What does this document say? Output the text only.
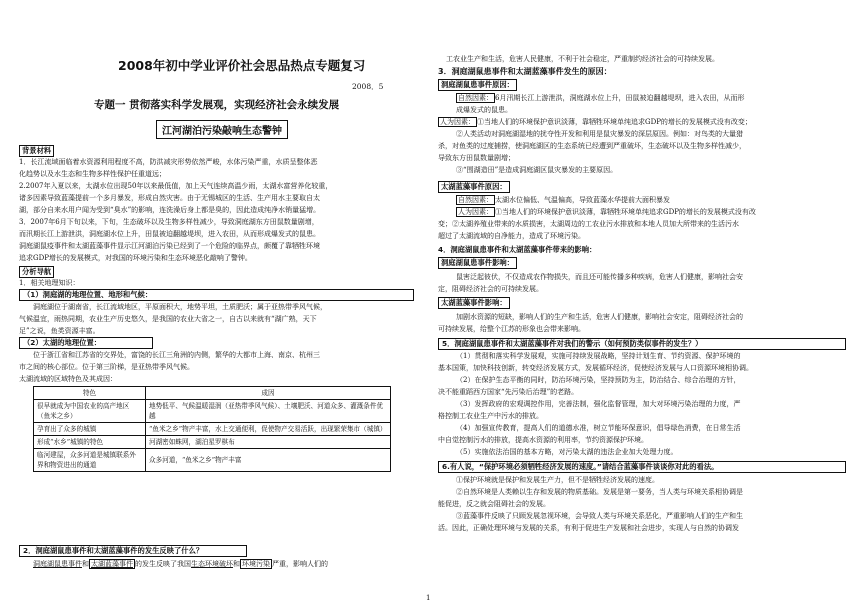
2008年初中学业评价社会思品热点专题复习
2008．5
专题一 贯彻落实科学发展观，实现经济社会永续发展
江河湖泊污染敲响生态警钟
背景材料
1．长江流域面临着水资源利用程度不高，防洪减灾形势依然严峻，水体污染严重，水质呈整体恶
化趋势以及水生态和生物多样性保护任重道远；
2.2007年入夏以来，太湖水位出现50年以来最低值，加上天气连续高温少雨，太湖水富营养化较重，
诸多因素导致蓝藻提前一个多月暴发，形成自然灾害。由于无锡城区的生活、生产用水主要取自太
湖，部分自来水用户闻为受到“臭水”的影响，连洗澡后身上都是臭的，因此造成纯净水销量猛增。
3．2007年6月下旬以来，下旬，生态破坏以及生物多样性减少，导致洞庭湖东方田鼠数量剧增，
而汛期长江上游泄洪，洞庭湖水位上升，田鼠被迫翻越堤坝，进入农田，从而形成爆发式的鼠患。
洞庭湖鼠疫事件和太湖蓝藻事件显示江河湖泊污染已经到了一个危险的临界点，颇覆了靠牺牲环境
追求GDP增长的发展模式，对我国的环境污染和生态环境恶化敲响了警钟。
分析导航
1．相关地理知识：
（1）洞庭湖的地理位置、地形和气候：
洞庭湖位于湖南省，长江流域地区，平原面积大，地势平坦，土质肥沃；属于亚热带季风气候，
气候温宜，雨热同期，农业生产历史悠久，是我国的农业大省之一，自古以来就有“湖广熟，天下
足”之说，鱼类资源丰富。
（2）太湖的地理位置：
位于浙江省和江苏省的交界处，富饶的长江三角洲的内侧，繁华的大都市上海、南京、杭州三
市之间的核心部位。位于第三阶梯，是亚热带季风气候。
太湖流域的区域特色及其成因：
特色	成因
很早就成为中国农业的高产地区（鱼米之乡）	地势低平、气候温暖湿润（亚热带季风气候）、土壤肥沃、河道众多、灌溉条件优越
孕育出了众多的城镇	“鱼米之乡”物产丰富，水上交通便利，促使物产交易活跃，出现繁荣集市（城镇）
形成“水乡”城镇的特色	河湖密如蛛网，湖泊星罗棋布
临河建屋，众多河道是城镇联系外界和物资进出的通道	众多河道，“鱼米之乡”物产丰富
2．洞庭湖鼠患事件和太湖蓝藻事件的发生反映了什么？
洞庭湖鼠患事件和 太湖蓝藻事件 的发生反映了我国生态环境破坏和 环境污染 严重，影响人们的
工农业生产和生活，危害人民健康，不利于社会稳定，严重制约经济社会的可持续发展。
3．洞庭湖鼠患事件和太湖蓝藻事件发生的原因：
洞庭湖鼠患事件原因：
自然因素： 6月汛期长江上游泄洪，洞庭湖水位上升，田鼠被迫翻越堤坝，进入农田，从而形
成爆发式的鼠患。
人为因素： ①当地人们的环境保护意识淡薄，靠牺牲环境单纯追求GDP的增长的发展模式没有改变；
②人类活动对洞庭湖湿地的扰夺性开发和利用是鼠灾暴发的深层原因。例如：对鸟类的大量猎
杀，对鱼类的过度捕捞，使洞庭湖区的生态系统已经遭到严重破坏，生态破坏以及生物多样性减少，
导致东方田鼠数量剧增；
③“围湖造田”是造成洞庭湖区鼠灾暴发的主要原因。
太湖蓝藻事件原因：
自然因素： 太湖水位偏低、气温偏高，导致蓝藻水华提前大面积暴发
人为因素： ①当地人们的环境保护意识淡薄，靠牺牲环境单纯追求GDP的增长的发展模式没有改
变；②太湖养殖业带来的水质损害，太湖周边的工农业污水排放和本地人员加大所带来的生活污水
超过了太湖流域的自净能力，造成了环境污染。
4．洞庭湖鼠患事件和太湖蓝藻事件带来的影响：
洞庭湖鼠患事件影响：
鼠害泛起彼伏，不仅造成农作物损失，而且还可能传播多种疾病，危害人们健康，影响社会安
定，阻碍经济社会的可持续发展。
太湖蓝藻事件影响：
加剧水资源的短缺，影响人们的生产和生活，危害人们健康，影响社会安定，阻碍经济社会的
可持续发展，给整个江苏的形象也会带来影响。
5．洞庭湖鼠患事件和太湖蓝藻事件对我们的警示（如何预防类似事件的发生？）
（1）贯彻和落实科学发展观，实施可持续发展战略，坚持计划生育、节约资源、保护环境的
基本国策，加快科技创新，转变经济发展方式，发展循环经济，促使经济发展与人口资源环境相协调。
（2）在保护生态平衡的同时，防治环境污染，坚持预防为主，防治结合、综合治理的方针，
决不能重蹈西方国家“先污染后治理”的老路。
（3）发挥政府的宏观调控作用，完善法制，强化监督管理，加大对环境污染治理的力度，严
格控制工农业生产中污水的排放。
（4）加强宣传教育，提高人们的道德水准，树立节能环保意识，倡导绿色消费，在日常生活
中自觉控制污水的排放，提高水资源的利用率，节约资源保护环境。
（5）实施依法治国的基本方略，对污染太湖的违法企业加大处理力度。
6.有人说，“保护环境必须牺牲经济发展的速度。”请结合蓝藻事件谈谈你对此的看法。
①保护环境就是保护和发展生产力，但不是牺牲经济发展的速度。
②自然环境是人类赖以生存和发展的物质基础。发展是第一要务，当人类与环境关系相协调是
能促进，反之就会阻碍社会的发展。
③蓝藻事件反映了只顾发展忽视环境，会导致人类与环境关系恶化，严重影响人们的生产和生
活。因此，正确处理环境与发展的关系，有利于促进生产发展和社会进步，实现人与自然的协调发
1
